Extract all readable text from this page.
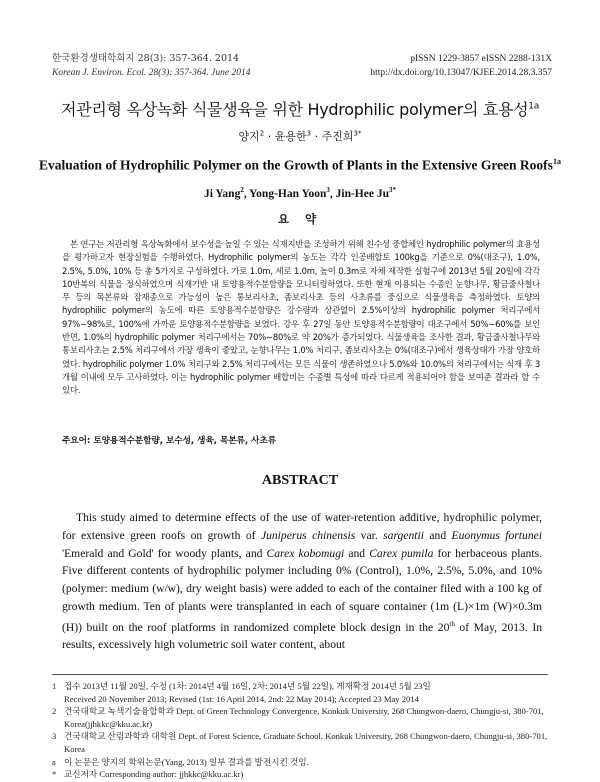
한국환경생태학회지 28(3): 357-364. 2014
Korean J. Environ. Ecol. 28(3): 357-364. June 2014
pISSN 1229-3857 eISSN 2288-131X
http://dx.doi.org/10.13047/KJEE.2014.28.3.357
저관리형 옥상녹화 식물생육을 위한 Hydrophilic polymer의 효용성$^{1a}$
양지$^2$ · 윤용한$^3$ · 주진희$^{3*}$
Evaluation of Hydrophilic Polymer on the Growth of Plants in the Extensive Green Roofs$^{1a}$
Ji Yang$^2$, Yong-Han Yoon$^3$, Jin-Hee $Ju^{3*}$
요 약
본 연구는 저관리형 옥상녹화에서 보수성을 높일 수 있는 식재지반을 조성하기 위해 친수성 중합체인 hydrophilic polymer의 효용성을 평가하고자 현장실험을 수행하였다. Hydrophilic polymer의 농도는 각각 인공배합토 100kg을 기준으로 0%(대조구), 1.0%, 2.5%, 5.0%, 10% 등 총 5가지로 구성하였다. 가로 1.0m, 세로 1.0m, 높이 0.3m로 자체 제작한 실험구에 2013년 5월 20일에 각각 10반복의 식물을 정식하였으며 식재기반 내 토양용적수분함량을 모니터링하였다. 또한 현재 이용되는 수종인 눈향나무, 황금줄사철나무 등의 목본류와 잠재종으로 가능성이 높은 통보리사초, 좀보리사초 등의 사초류를 중심으로 식물생육을 측정하였다. 토양의 hydrophilic polymer의 농도에 따른 토양용적수분함량은 강수량과 상관없이 2.5%이상의 hydrophilic polymer 처리구에서 97%∼98%로, 100%에 가까운 토양용적수분함량을 보였다. 강우 후 27일 동안 토양용적수분함량이 대조구에서 50%∼60%를 보인 반면, 1.0%의 hydrophilic polymer 처리구에서는 70%∼80%로 약 20%가 증가되었다. 식물생육을 조사한 결과, 황금줄사철나무와 통보리사초는 2.5% 처리구에서 가장 생육이 좋았고, 눈향나무는 1.0% 처리구, 좀보리사초는 0%(대조구)에서 생육상태가 가장 양호하였다. hydrophilic polymer 1.0% 처리구와 2.5% 처리구에서는 모든 식물이 생존하였으나 5.0%와 10.0%의 처리구에서는 식재 후 3개월 이내에 모두 고사하였다. 이는 hydrophilic polymer 배합비는 수종별 특성에 따라 다르게 적용되어야 함을 보여준 결과라 할 수 있다.
주요어: 토양용적수분함량, 보수성, 생육, 목본류, 사초류
ABSTRACT
This study aimed to determine effects of the use of water-retention additive, hydrophilic polymer, for extensive green roofs on growth of Juniperus chinensis var. sargentii and Euonymus fortunei 'Emerald and Gold' for woody plants, and Carex kobomugi and Carex pumila for herbaceous plants. Five different contents of hydrophilic polymer including 0% (Control), 1.0%, 2.5%, 5.0%, and 10% (polymer: medium (w/w), dry weight basis) were added to each of the container filed with a 100 kg of growth medium. Ten of plants were transplanted in each of square container (1m (L)×1m (W)×0.3m (H)) built on the roof platforms in randomized complete block design in the 20th of May, 2013. In results, excessively high volumetric soil water content, about
1 접수 2013년 11월 20일, 수정 (1차: 2014년 4월 16일, 2차: 2014년 5월 22일), 게재확정 2014년 5월 23일
Received 20 November 2013; Revised (1st: 16 April 2014, 2nd: 22 May 2014); Accepted 23 May 2014
2 건국대학교 녹색기술융합학과 Dept. of Green Technology Convergence, Konkuk University, 268 Chungwon-daero, Chungju-si, 380-701, Korea(jjhkkc@kku.ac.kr)
3 건국대학교 산림과학과 대학원 Dept. of Forest Science, Graduate School, Konkuk University, 268 Chungwon-daero, Chungju-si, 380-701, Korea
a 이 논문은 양지의 학위논문(Yang, 2013) 일부 결과를 발전시킨 것임.
* 교신저자 Corresponding author: jjhkkc@kku.ac.kr)
